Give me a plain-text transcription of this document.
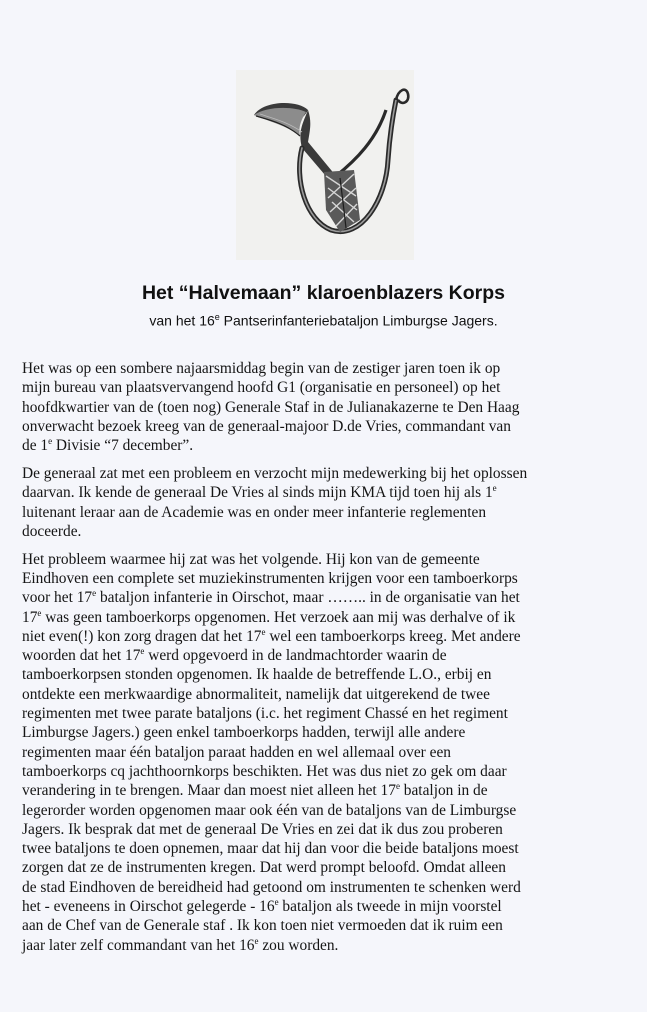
Het “Halvemaan” klaroenblazers Korps
van het 16e Pantserinfanteriebataljon Limburgse Jagers.
Het was op een sombere najaarsmiddag begin van de zestiger jaren toen ik op
mijn bureau van plaatsvervangend hoofd G1 (organisatie en personeel) op het
hoofdkwartier van de (toen nog) Generale Staf in de Julianakazerne te Den Haag
onverwacht bezoek kreeg van de generaal-majoor D.de Vries, commandant van
de 1e Divisie “7 december”.
De generaal zat met een probleem en verzocht mijn medewerking bij het oplossen
daarvan. Ik kende de generaal De Vries al sinds mijn KMA tijd toen hij als 1e
luitenant leraar aan de Academie was en onder meer infanterie reglementen
doceerde.
Het probleem waarmee hij zat was het volgende. Hij kon van de gemeente
Eindhoven een complete set muziekinstrumenten krijgen voor een tamboerkorps
voor het 17e bataljon infanterie in Oirschot, maar …….. in de organisatie van het
17e was geen tamboerkorps opgenomen. Het verzoek aan mij was derhalve of ik
niet even(!) kon zorg dragen dat het 17e wel een tamboerkorps kreeg. Met andere
woorden dat het 17e werd opgevoerd in de landmachtorder waarin de
tamboerkorpsen stonden opgenomen. Ik haalde de betreffende L.O., erbij en
ontdekte een merkwaardige abnormaliteit, namelijk dat uitgerekend de twee
regimenten met twee parate bataljons (i.c. het regiment Chassé en het regiment
Limburgse Jagers.) geen enkel tamboerkorps hadden, terwijl alle andere
regimenten maar één bataljon paraat hadden en wel allemaal over een
tamboerkorps cq jachthoornkorps beschikten. Het was dus niet zo gek om daar
verandering in te brengen. Maar dan moest niet alleen het 17e bataljon in de
legerorder worden opgenomen maar ook één van de bataljons van de Limburgse
Jagers. Ik besprak dat met de generaal De Vries en zei dat ik dus zou proberen
twee bataljons te doen opnemen, maar dat hij dan voor die beide bataljons moest
zorgen dat ze de instrumenten kregen. Dat werd prompt beloofd. Omdat alleen
de stad Eindhoven de bereidheid had getoond om instrumenten te schenken werd
het - eveneens in Oirschot gelegerde - 16e bataljon als tweede in mijn voorstel
aan de Chef van de Generale staf . Ik kon toen niet vermoeden dat ik ruim een
jaar later zelf commandant van het 16e zou worden.
